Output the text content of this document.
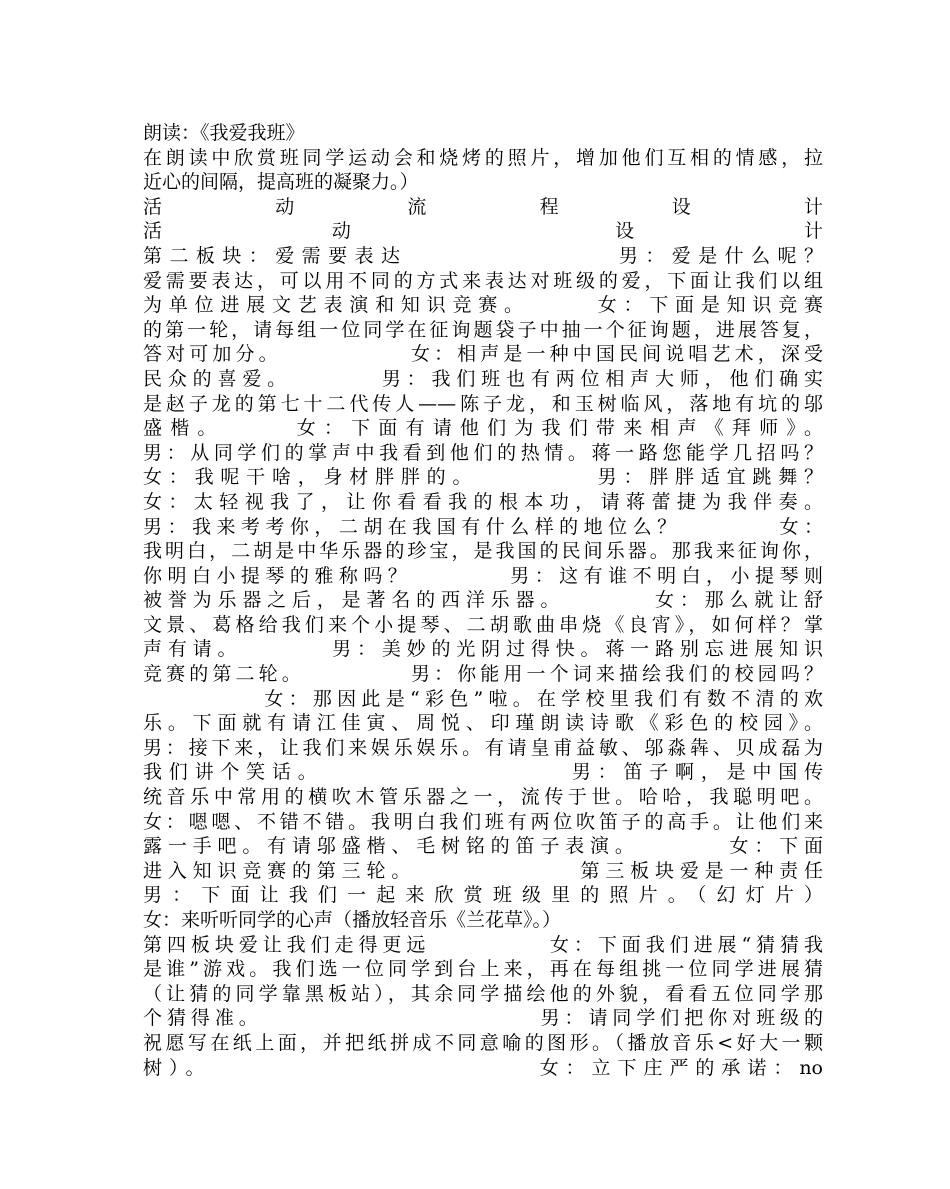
朗读：《我爱我班》
在朗读中欣赏班同学运动会和烧烤的照片，增加他们互相的情感，拉
近心的间隔，提高班的凝聚力。）
活　　　动　　　流　　　程　　　设　　　计
活　　　动　　　　　设　　　计
第二板块：爱需要表达　　　　　　　　男：爱是什么呢？
爱需要表达，可以用不同的方式来表达对班级的爱，下面让我们以组
为单位进展文艺表演和知识竞赛。　　　女：下面是知识竞赛
的第一轮，请每组一位同学在征询题袋子中抽一个征询题，进展答复，
答对可加分。　　　　　　女：相声是一种中国民间说唱艺术，深受
民众的喜爱。　　　　男：我们班也有两位相声大师，他们确实
是赵子龙的第七十二代传人——陈子龙，和玉树临风，落地有坑的邬
盛楷。　　　女：下面有请他们为我们带来相声《拜师》。
男：从同学们的掌声中我看到他们的热情。蒋一路您能学几招吗？
女：我呢干啥，身材胖胖的。　　　　　男：胖胖适宜跳舞？
女：太轻视我了，让你看看我的根本功，请蒋蕾捷为我伴奏。
男：我来考考你，二胡在我国有什么样的地位么？　　　　女：
我明白，二胡是中华乐器的珍宝，是我国的民间乐器。那我来征询你，
你明白小提琴的雅称吗？　　　　男：这有谁不明白，小提琴则
被誉为乐器之后，是著名的西洋乐器。　　　　女：那么就让舒
文景、葛格给我们来个小提琴、二胡歌曲串烧《良宵》，如何样？掌
声有请。　　　　男：美妙的光阴过得快。蒋一路别忘进展知识
竞赛的第二轮。　　　　　男：你能用一个词来描绘我们的校园吗？
　　　　　女：那因此是“彩色”啦。在学校里我们有数不清的欢
乐。下面就有请江佳寅、周悦、印瑾朗读诗歌《彩色的校园》。
男：接下来，让我们来娱乐娱乐。有请皇甫益敏、邬淼犇、贝成磊为
我们讲个笑话。　　　　　　　　　　男：笛子啊，是中国传
统音乐中常用的横吹木管乐器之一，流传于世。哈哈，我聪明吧。
女：嗯嗯、不错不错。我明白我们班有两位吹笛子的高手。让他们来
露一手吧。有请邬盛楷、毛树铭的笛子表演。　　　　女：下面
进入知识竞赛的第三轮。　　　　　　　第三板块爱是一种责任
男：下面让我们一起来欣赏班级里的照片。（幻灯片）
女：来听听同学的心声（播放轻音乐《兰花草》。）
第四板块爱让我们走得更远　　　　　女：下面我们进展“猜猜我
是谁”游戏。我们选一位同学到台上来，再在每组挑一位同学进展猜
（让猜的同学靠黑板站），其余同学描绘他的外貌，看看五位同学那
个猜得准。　　　　　　　　　　　　男：请同学们把你对班级的
祝愿写在纸上面，并把纸拼成不同意喻的图形。（播放音乐<好大一颗
树）。　　　　　　　　　　　　　女：立下庄严的承诺：no
